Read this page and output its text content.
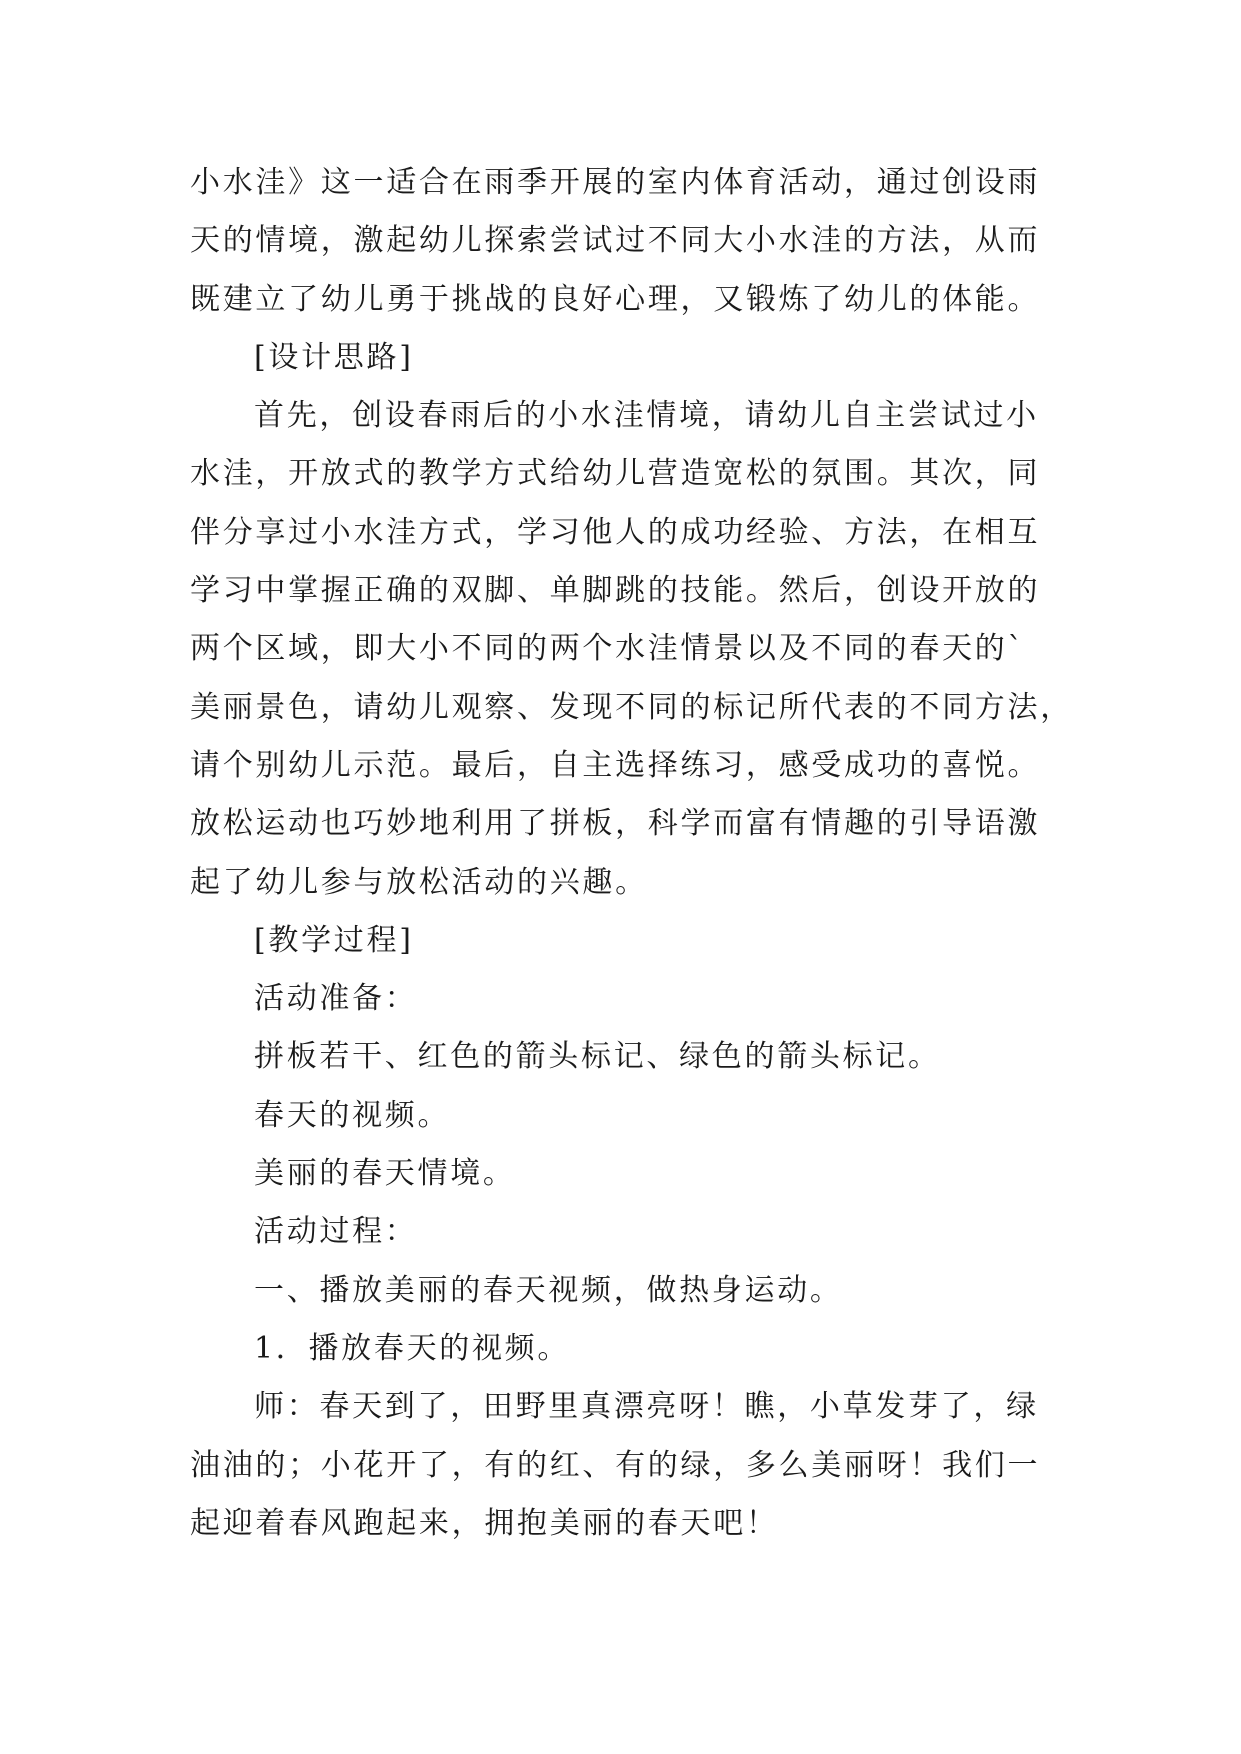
小水洼》这一适合在雨季开展的室内体育活动，通过创设雨
天的情境，激起幼儿探索尝试过不同大小水洼的方法，从而
既建立了幼儿勇于挑战的良好心理，又锻炼了幼儿的体能。
[设计思路]
首先，创设春雨后的小水洼情境，请幼儿自主尝试过小
水洼，开放式的教学方式给幼儿营造宽松的氛围。其次，同
伴分享过小水洼方式，学习他人的成功经验、方法，在相互
学习中掌握正确的双脚、单脚跳的技能。然后，创设开放的
两个区域，即大小不同的两个水洼情景以及不同的春天的`
美丽景色，请幼儿观察、发现不同的标记所代表的不同方法，
请个别幼儿示范。最后，自主选择练习，感受成功的喜悦。
放松运动也巧妙地利用了拼板，科学而富有情趣的引导语激
起了幼儿参与放松活动的兴趣。
[教学过程]
活动准备：
拼板若干、红色的箭头标记、绿色的箭头标记。
春天的视频。
美丽的春天情境。
活动过程：
一、播放美丽的春天视频，做热身运动。
1．播放春天的视频。
师：春天到了，田野里真漂亮呀！瞧，小草发芽了，绿
油油的；小花开了，有的红、有的绿，多么美丽呀！我们一
起迎着春风跑起来，拥抱美丽的春天吧！
